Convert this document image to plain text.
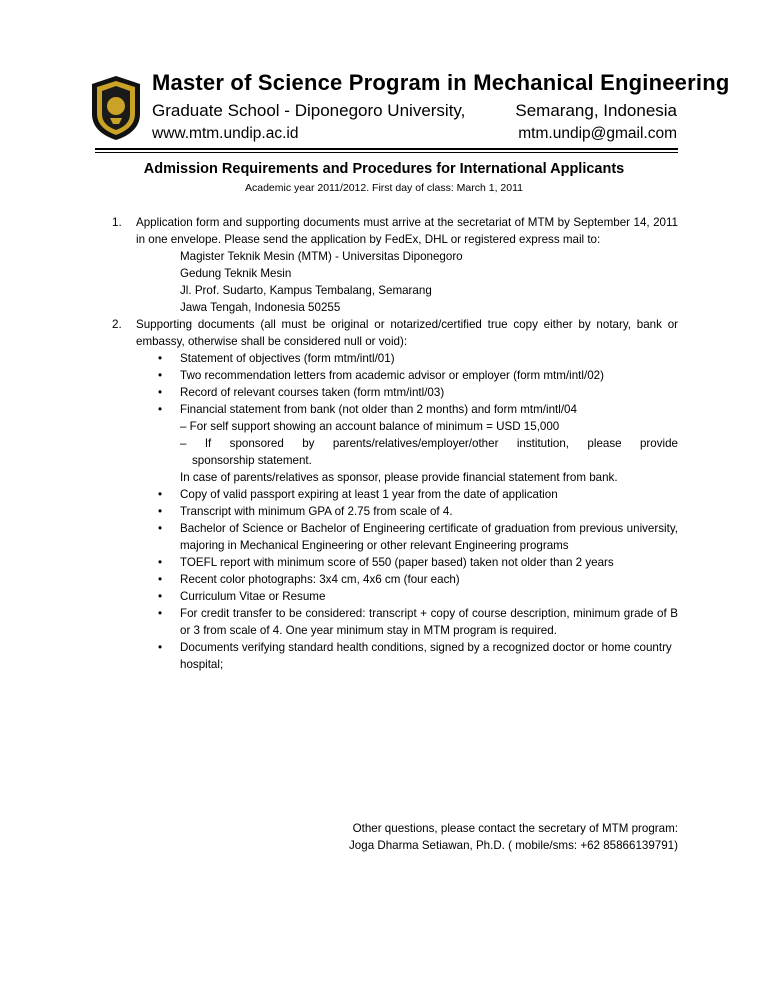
Master of Science Program in Mechanical Engineering
Graduate School - Diponegoro University,	Semarang, Indonesia
www.mtm.undip.ac.id	mtm.undip@gmail.com
Admission Requirements and Procedures for International Applicants
Academic year 2011/2012. First day of class: March 1, 2011
1. Application form and supporting documents must arrive at the secretariat of MTM by September 14, 2011 in one envelope. Please send the application by FedEx, DHL or registered express mail to:
Magister Teknik Mesin (MTM) - Universitas Diponegoro
Gedung Teknik Mesin
Jl. Prof. Sudarto, Kampus Tembalang, Semarang
Jawa Tengah, Indonesia 50255
2. Supporting documents (all must be original or notarized/certified true copy either by notary, bank or embassy, otherwise shall be considered null or void):
• Statement of objectives (form mtm/intl/01)
• Two recommendation letters from academic advisor or employer (form mtm/intl/02)
• Record of relevant courses taken (form mtm/intl/03)
• Financial statement from bank (not older than 2 months) and form mtm/intl/04
– For self support showing an account balance of minimum = USD 15,000
– If sponsored by parents/relatives/employer/other institution, please provide
sponsorship statement.
In case of parents/relatives as sponsor, please provide financial statement from bank.
• Copy of valid passport expiring at least 1 year from the date of application
• Transcript with minimum GPA of 2.75 from scale of 4.
• Bachelor of Science or Bachelor of Engineering certificate of graduation from previous university, majoring in Mechanical Engineering or other relevant Engineering programs
• TOEFL report with minimum score of 550 (paper based) taken not older than 2 years
• Recent color photographs: 3x4 cm, 4x6 cm (four each)
• Curriculum Vitae or Resume
• For credit transfer to be considered: transcript + copy of course description, minimum grade of B or 3 from scale of 4. One year minimum stay in MTM program is required.
• Documents verifying standard health conditions, signed by a recognized doctor or home country hospital;
Other questions, please contact the secretary of MTM program:
Joga Dharma Setiawan, Ph.D. ( mobile/sms: +62 85866139791)
